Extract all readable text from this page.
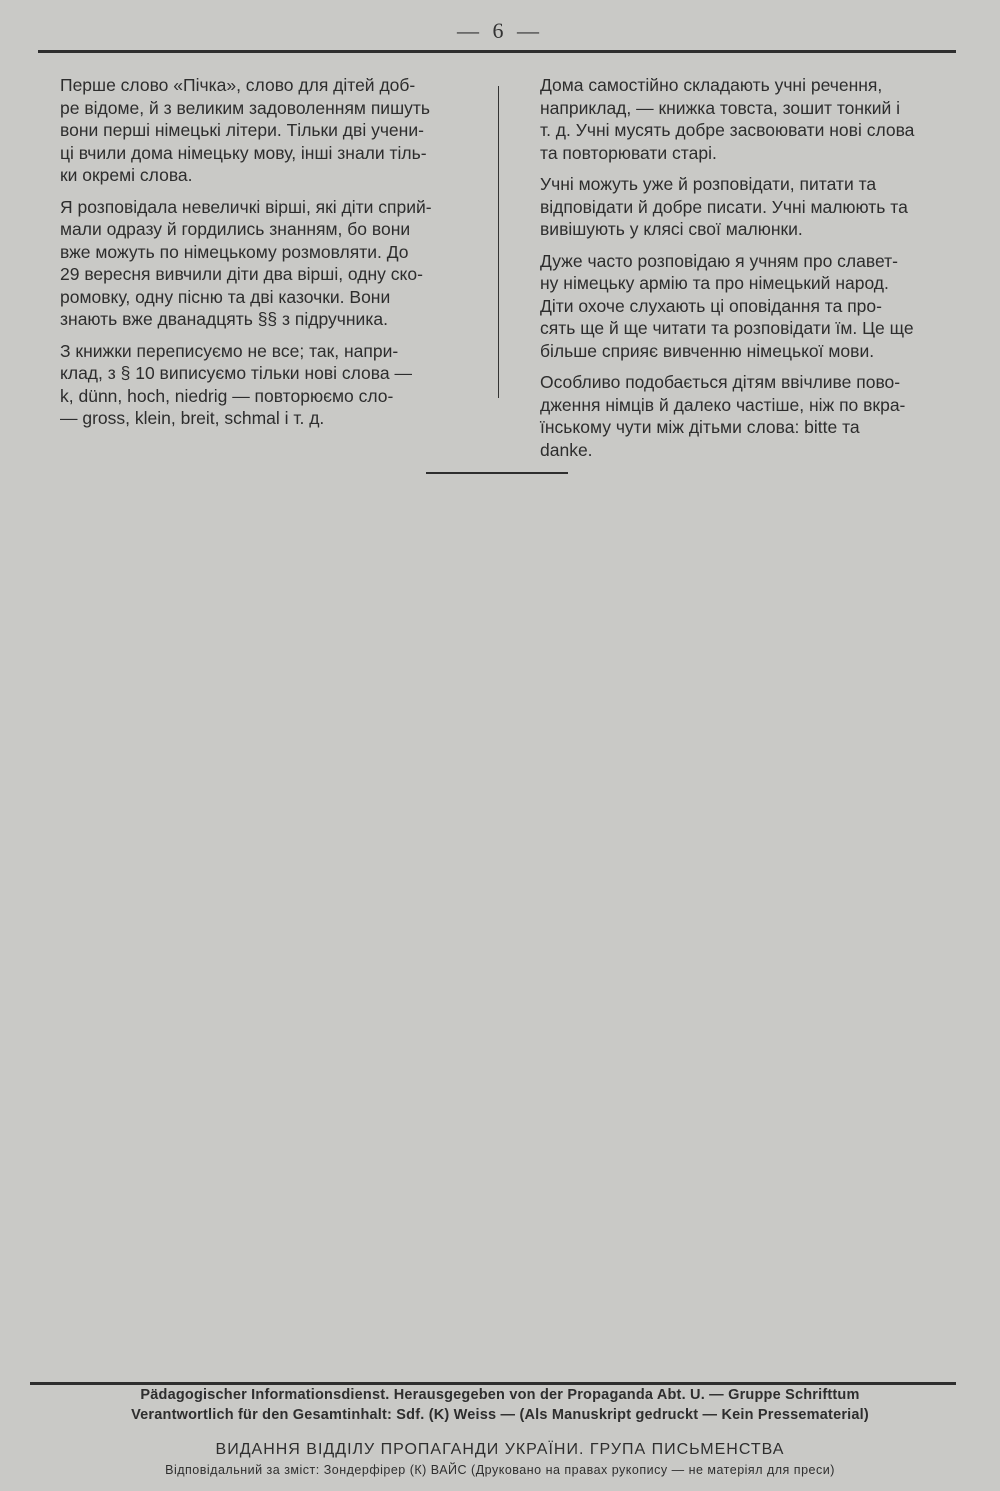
— 6 —

Перше слово «Пічка», слово для дітей доб-
ре відоме, й з великим задоволенням пишуть
вони перші німецькі літери. Тільки дві учени-
ці вчили дома німецьку мову, інші знали тіль-
ки окремі слова.

Я розповідала невеличкі вірші, які діти сприй-
мали одразу й гордились знанням, бо вони
вже можуть по німецькому розмовляти. До
29 вересня вивчили діти два вірші, одну ско-
ромовку, одну пісню та дві казочки. Вони
знають вже дванадцять §§ з підручника.

З книжки переписуємо не все; так, напри-
клад, з § 10 виписуємо тільки нові слова —
k, dünn, hoch, niedrig — повторюємо сло-
— gross, klein, breit, schmal і т. д.

Дома самостійно складають учні речення,
наприклад, — книжка товста, зошит тонкий і
т. д. Учні мусять добре засвоювати нові слова
та повторювати старі.

Учні можуть уже й розповідати, питати та
відповідати й добре писати. Учні малюють та
вивішують у клясі свої малюнки.

Дуже часто розповідаю я учням про славет-
ну німецьку армію та про німецький народ.
Діти охоче слухають ці оповідання та про-
сять ще й ще читати та розповідати їм. Це ще
більше сприяє вивченню німецької мови.

Особливо подобається дітям ввічливе пово-
дження німців й далеко частіше, ніж по вкра-
їнському чути між дітьми слова: bitte та
danke.

Pädagogischer Informationsdienst. Herausgegeben von der Propaganda Abt. U. — Gruppe Schrifttum
Verantwortlich für den Gesamtinhalt: Sdf. (K) Weiss — (Als Manuskript gedruckt — Kein Pressematerial)
ВИДАННЯ ВІДДІЛУ ПРОПАГАНДИ УКРАЇНИ. ГРУПА ПИСЬМЕНСТВА
Відповідальний за зміст: Зондерфірер (К) ВАЙС (Друковано на правах рукопису — не матеріял для преси)
